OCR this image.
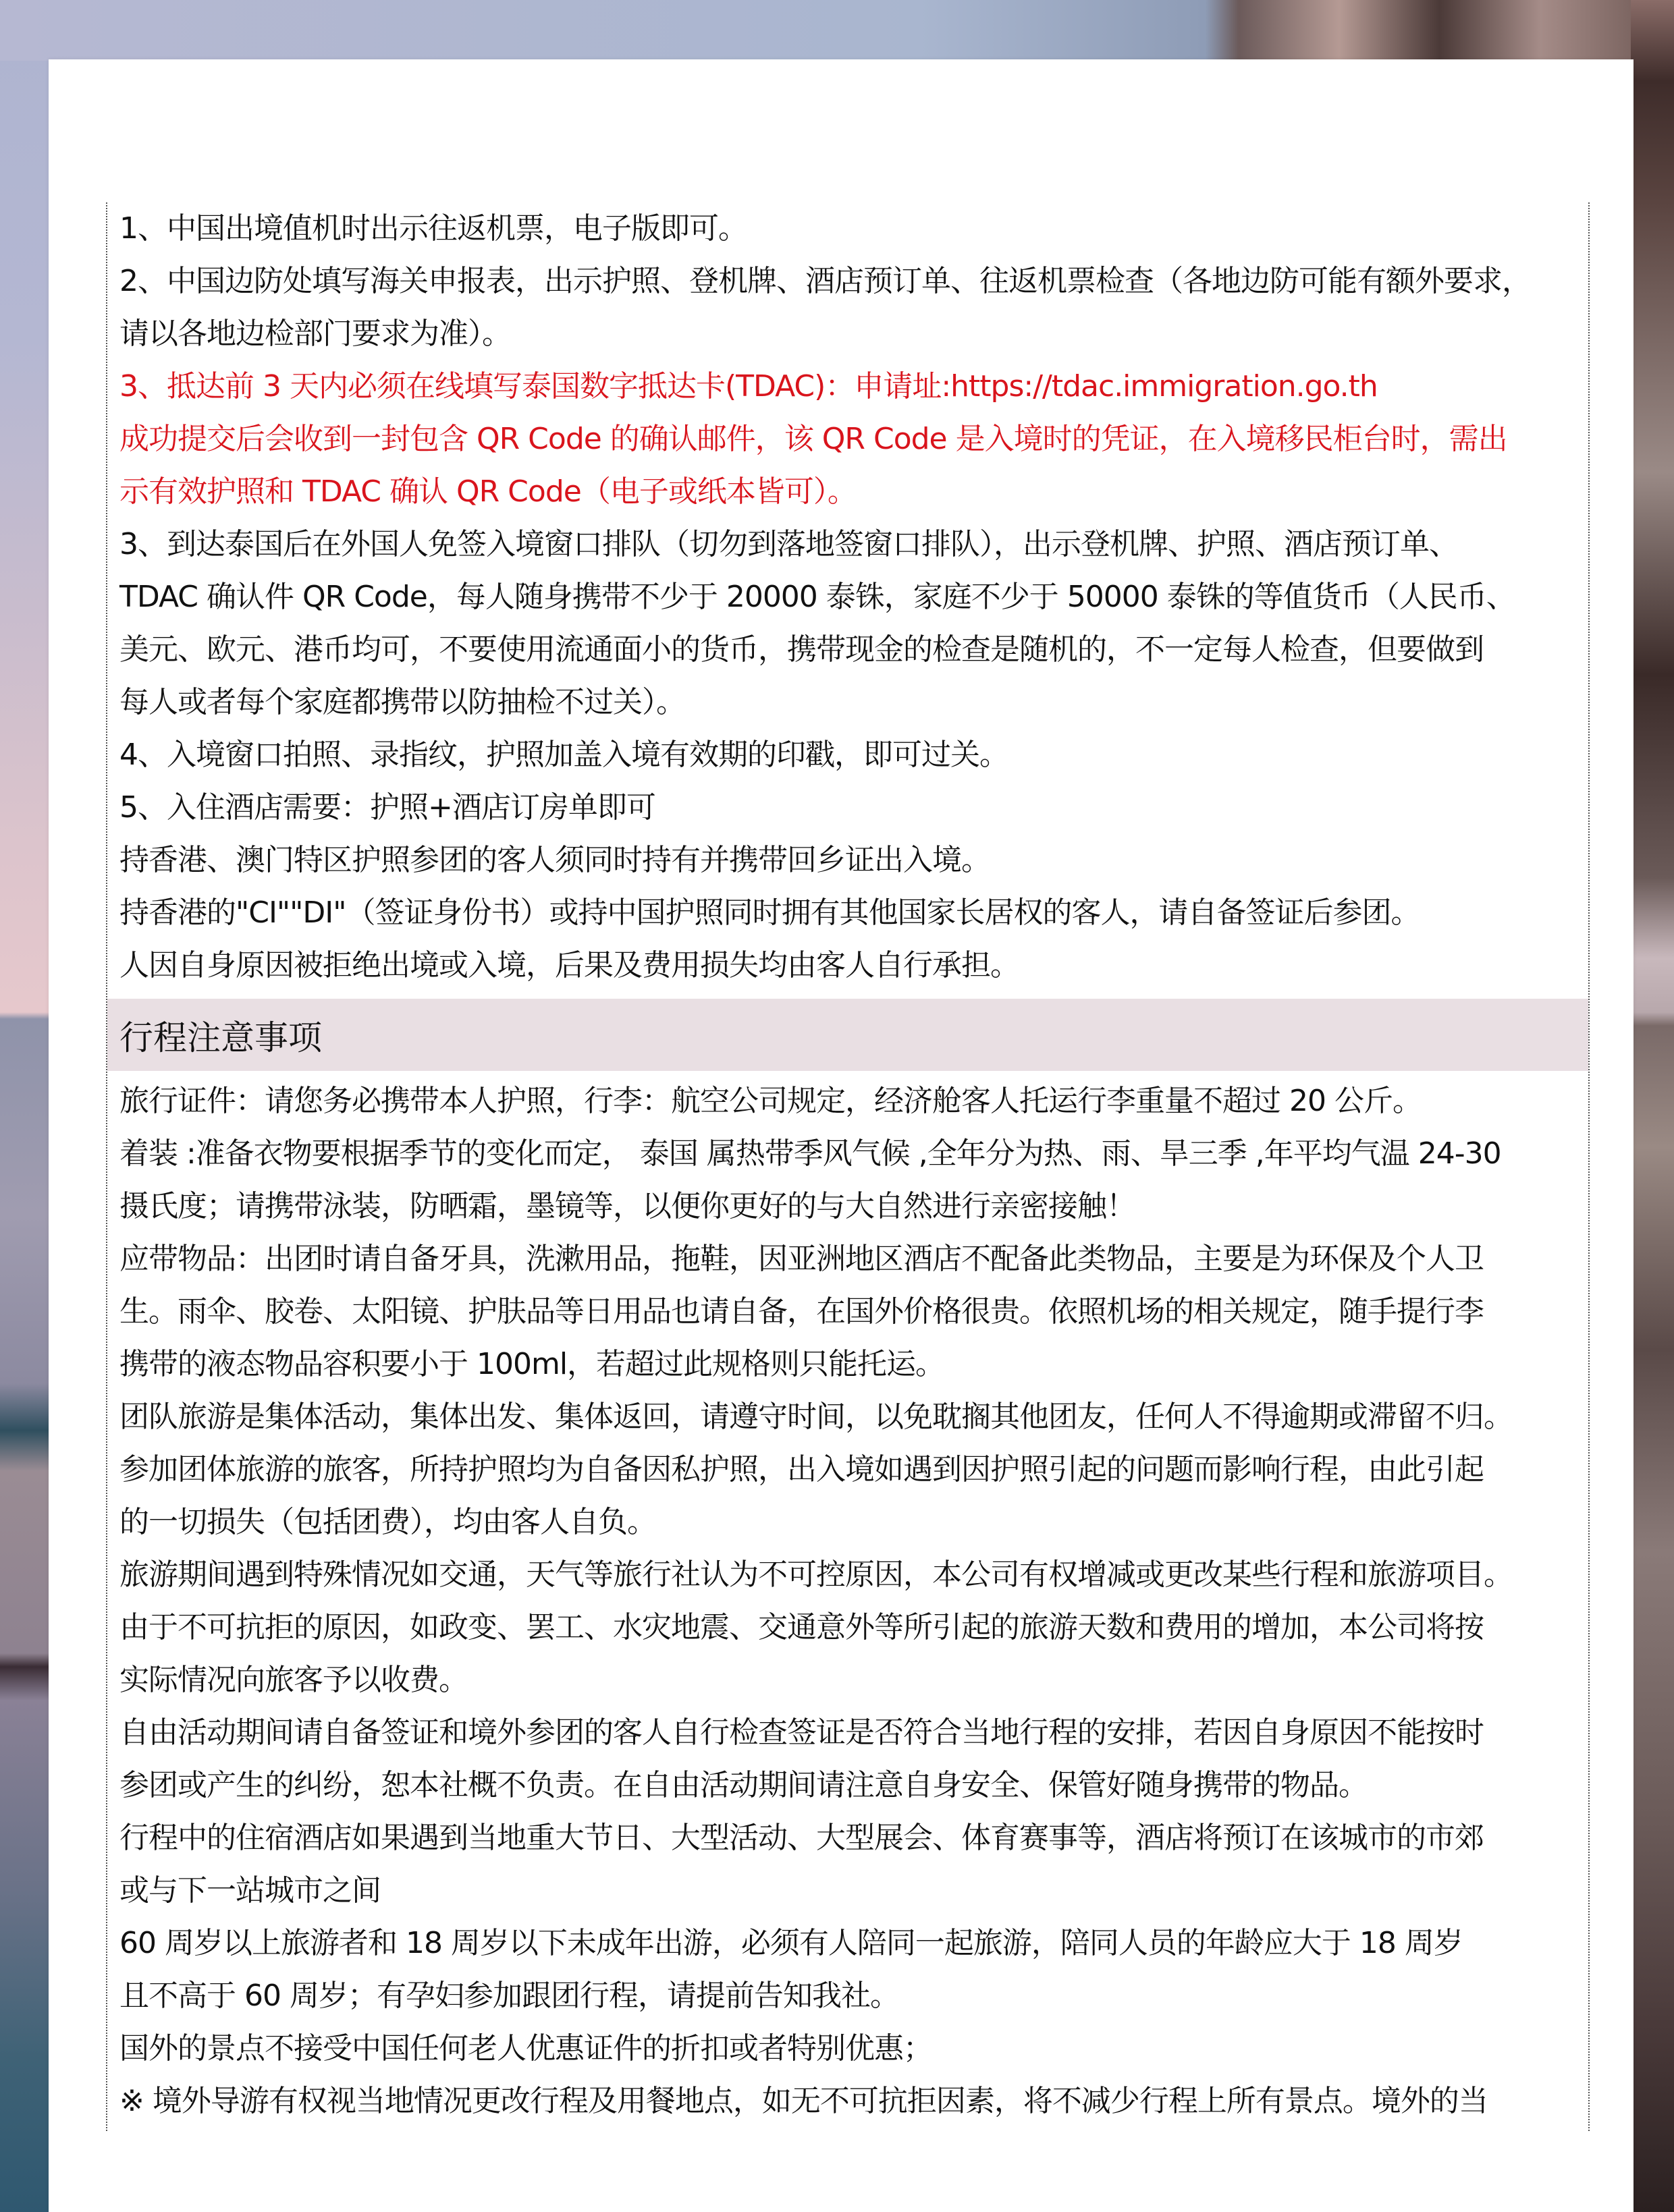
1、中国出境值机时出示往返机票，电子版即可。
2、中国边防处填写海关申报表，出示护照、登机牌、酒店预订单、往返机票检查（各地边防可能有额外要求，
请以各地边检部门要求为准）。
3、抵达前 3 天内必须在线填写泰国数字抵达卡(TDAC)：申请址:https://tdac.immigration.go.th
成功提交后会收到一封包含 QR Code 的确认邮件，该 QR Code 是入境时的凭证，在入境移民柜台时，需出
示有效护照和 TDAC 确认 QR Code（电子或纸本皆可）。
3、到达泰国后在外国人免签入境窗口排队（切勿到落地签窗口排队），出示登机牌、护照、酒店预订单、
TDAC 确认件 QR Code，每人随身携带不少于 20000 泰铢，家庭不少于 50000 泰铢的等值货币（人民币、
美元、欧元、港币均可，不要使用流通面小的货币，携带现金的检查是随机的，不一定每人检查，但要做到
每人或者每个家庭都携带以防抽检不过关）。
4、入境窗口拍照、录指纹，护照加盖入境有效期的印戳，即可过关。
5、入住酒店需要：护照+酒店订房单即可
持香港、澳门特区护照参团的客人须同时持有并携带回乡证出入境。
持香港的"CI""DI"（签证身份书）或持中国护照同时拥有其他国家长居权的客人，请自备签证后参团。
人因自身原因被拒绝出境或入境，后果及费用损失均由客人自行承担。
行程注意事项
旅行证件：请您务必携带本人护照，行李：航空公司规定，经济舱客人托运行李重量不超过 20 公斤。
着装 :准备衣物要根据季节的变化而定， 泰国 属热带季风气候 ,全年分为热、雨、旱三季 ,年平均气温 24-30
摄氏度；请携带泳装，防晒霜，墨镜等，以便你更好的与大自然进行亲密接触！
应带物品：出团时请自备牙具，洗漱用品，拖鞋，因亚洲地区酒店不配备此类物品，主要是为环保及个人卫
生。雨伞、胶卷、太阳镜、护肤品等日用品也请自备，在国外价格很贵。依照机场的相关规定，随手提行李
携带的液态物品容积要小于 100ml，若超过此规格则只能托运。
团队旅游是集体活动，集体出发、集体返回，请遵守时间，以免耽搁其他团友，任何人不得逾期或滞留不归。
参加团体旅游的旅客，所持护照均为自备因私护照，出入境如遇到因护照引起的问题而影响行程，由此引起
的一切损失（包括团费），均由客人自负。
旅游期间遇到特殊情况如交通，天气等旅行社认为不可控原因，本公司有权增减或更改某些行程和旅游项目。
由于不可抗拒的原因，如政变、罢工、水灾地震、交通意外等所引起的旅游天数和费用的增加，本公司将按
实际情况向旅客予以收费。
自由活动期间请自备签证和境外参团的客人自行检查签证是否符合当地行程的安排，若因自身原因不能按时
参团或产生的纠纷，恕本社概不负责。在自由活动期间请注意自身安全、保管好随身携带的物品。
行程中的住宿酒店如果遇到当地重大节日、大型活动、大型展会、体育赛事等，酒店将预订在该城市的市郊
或与下一站城市之间
60 周岁以上旅游者和 18 周岁以下未成年出游，必须有人陪同一起旅游，陪同人员的年龄应大于 18 周岁
且不高于 60 周岁；有孕妇参加跟团行程，请提前告知我社。
国外的景点不接受中国任何老人优惠证件的折扣或者特别优惠；
※ 境外导游有权视当地情况更改行程及用餐地点，如无不可抗拒因素，将不减少行程上所有景点。境外的当
